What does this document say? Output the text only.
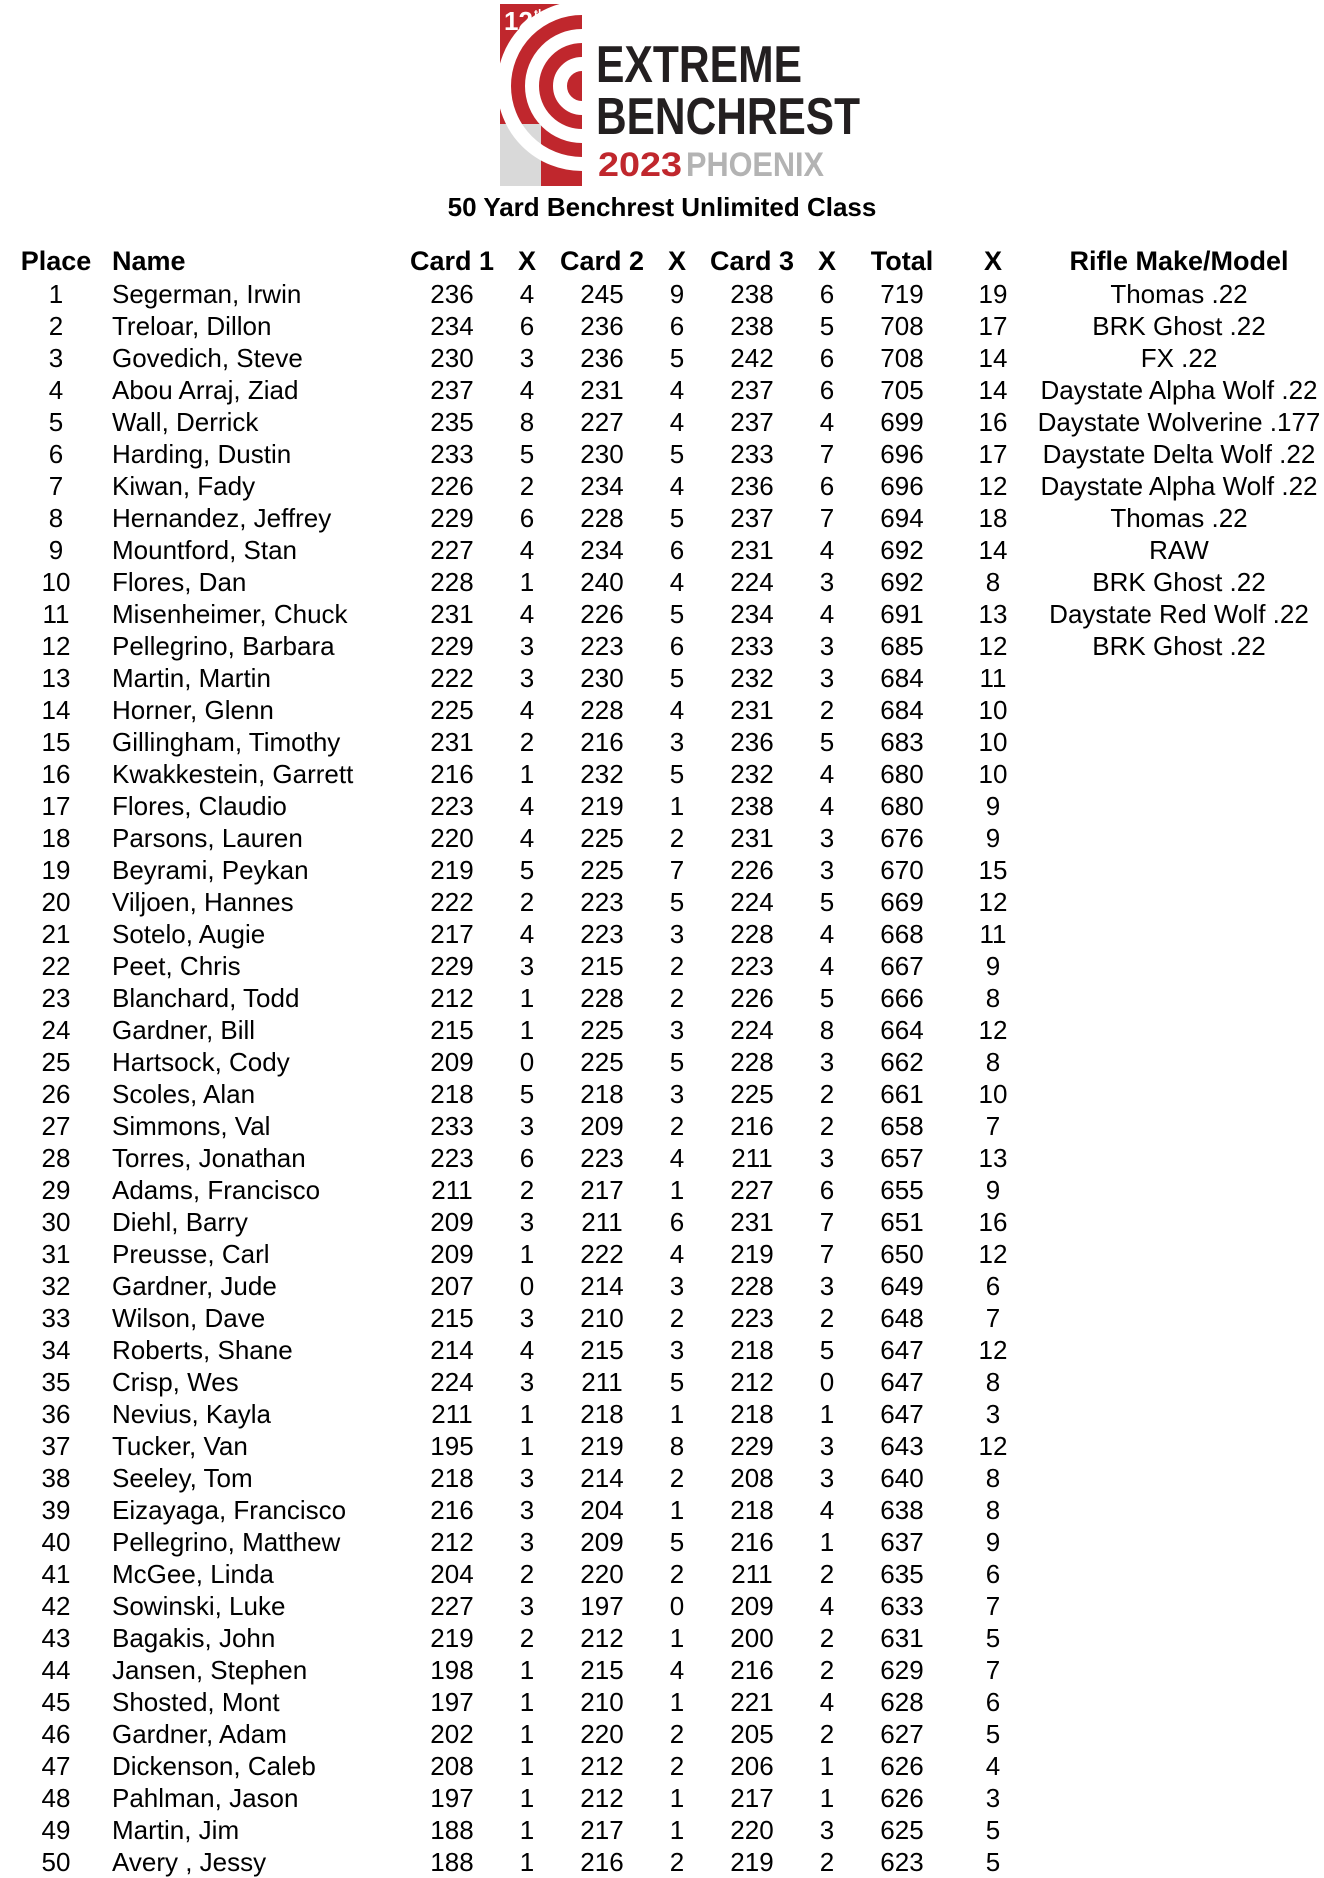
12 th
EXTREME
BENCHREST
2023 PHOENIX
50 Yard Benchrest Unlimited Class
Place	Name	Card 1	X	Card 2	X	Card 3	X	Total	X	Rifle Make/Model
1	Segerman, Irwin	236	4	245	9	238	6	719	19	Thomas .22
2	Treloar, Dillon	234	6	236	6	238	5	708	17	BRK Ghost .22
3	Govedich, Steve	230	3	236	5	242	6	708	14	FX .22
4	Abou Arraj, Ziad	237	4	231	4	237	6	705	14	Daystate Alpha Wolf .22
5	Wall, Derrick	235	8	227	4	237	4	699	16	Daystate Wolverine .177
6	Harding, Dustin	233	5	230	5	233	7	696	17	Daystate Delta Wolf .22
7	Kiwan, Fady	226	2	234	4	236	6	696	12	Daystate Alpha Wolf .22
8	Hernandez, Jeffrey	229	6	228	5	237	7	694	18	Thomas .22
9	Mountford, Stan	227	4	234	6	231	4	692	14	RAW
10	Flores, Dan	228	1	240	4	224	3	692	8	BRK Ghost .22
11	Misenheimer, Chuck	231	4	226	5	234	4	691	13	Daystate Red Wolf .22
12	Pellegrino, Barbara	229	3	223	6	233	3	685	12	BRK Ghost .22
13	Martin, Martin	222	3	230	5	232	3	684	11	
14	Horner, Glenn	225	4	228	4	231	2	684	10	
15	Gillingham, Timothy	231	2	216	3	236	5	683	10	
16	Kwakkestein, Garrett	216	1	232	5	232	4	680	10	
17	Flores, Claudio	223	4	219	1	238	4	680	9	
18	Parsons, Lauren	220	4	225	2	231	3	676	9	
19	Beyrami, Peykan	219	5	225	7	226	3	670	15	
20	Viljoen, Hannes	222	2	223	5	224	5	669	12	
21	Sotelo, Augie	217	4	223	3	228	4	668	11	
22	Peet, Chris	229	3	215	2	223	4	667	9	
23	Blanchard, Todd	212	1	228	2	226	5	666	8	
24	Gardner, Bill	215	1	225	3	224	8	664	12	
25	Hartsock, Cody	209	0	225	5	228	3	662	8	
26	Scoles, Alan	218	5	218	3	225	2	661	10	
27	Simmons, Val	233	3	209	2	216	2	658	7	
28	Torres, Jonathan	223	6	223	4	211	3	657	13	
29	Adams, Francisco	211	2	217	1	227	6	655	9	
30	Diehl, Barry	209	3	211	6	231	7	651	16	
31	Preusse, Carl	209	1	222	4	219	7	650	12	
32	Gardner, Jude	207	0	214	3	228	3	649	6	
33	Wilson, Dave	215	3	210	2	223	2	648	7	
34	Roberts, Shane	214	4	215	3	218	5	647	12	
35	Crisp, Wes	224	3	211	5	212	0	647	8	
36	Nevius, Kayla	211	1	218	1	218	1	647	3	
37	Tucker, Van	195	1	219	8	229	3	643	12	
38	Seeley, Tom	218	3	214	2	208	3	640	8	
39	Eizayaga, Francisco	216	3	204	1	218	4	638	8	
40	Pellegrino, Matthew	212	3	209	5	216	1	637	9	
41	McGee, Linda	204	2	220	2	211	2	635	6	
42	Sowinski, Luke	227	3	197	0	209	4	633	7	
43	Bagakis, John	219	2	212	1	200	2	631	5	
44	Jansen, Stephen	198	1	215	4	216	2	629	7	
45	Shosted, Mont	197	1	210	1	221	4	628	6	
46	Gardner, Adam	202	1	220	2	205	2	627	5	
47	Dickenson, Caleb	208	1	212	2	206	1	626	4	
48	Pahlman, Jason	197	1	212	1	217	1	626	3	
49	Martin, Jim	188	1	217	1	220	3	625	5	
50	Avery , Jessy	188	1	216	2	219	2	623	5	
